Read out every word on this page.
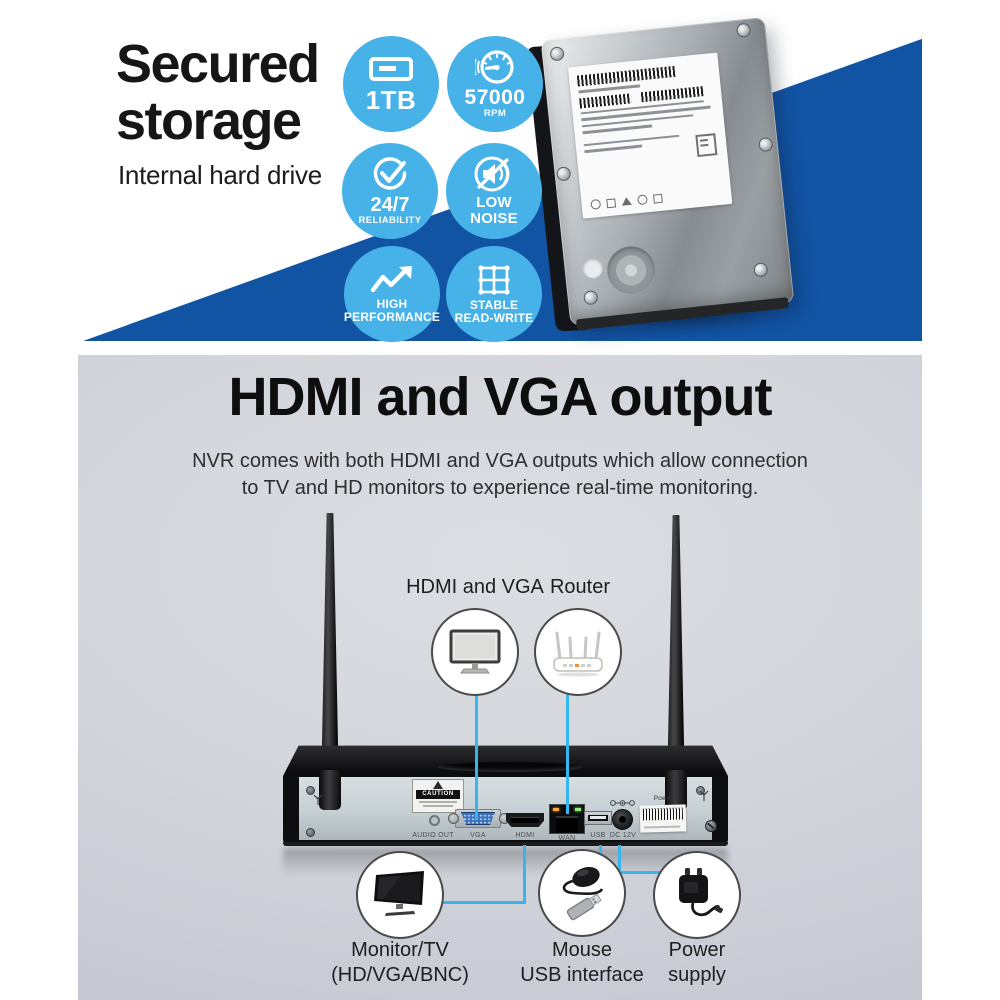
Secured
storage
Internal hard drive
1TB 57000
RPM
24/7
RELIABILITY
LOW
NOISE
HIGH
PERFORMANCE
STABLE
READ-WRITE
HDMI and VGA output
NVR comes with both HDMI and VGA outputs which allow connection
to TV and HD monitors to experience real-time monitoring.
HDMI and VGA Router
CAUTION
AUDIO OUT	VGA	HDMI	WAN	USB DC 12V
Power
Monitor/TV
(HD/VGA/BNC)
Mouse
USB interface
Power
supply
